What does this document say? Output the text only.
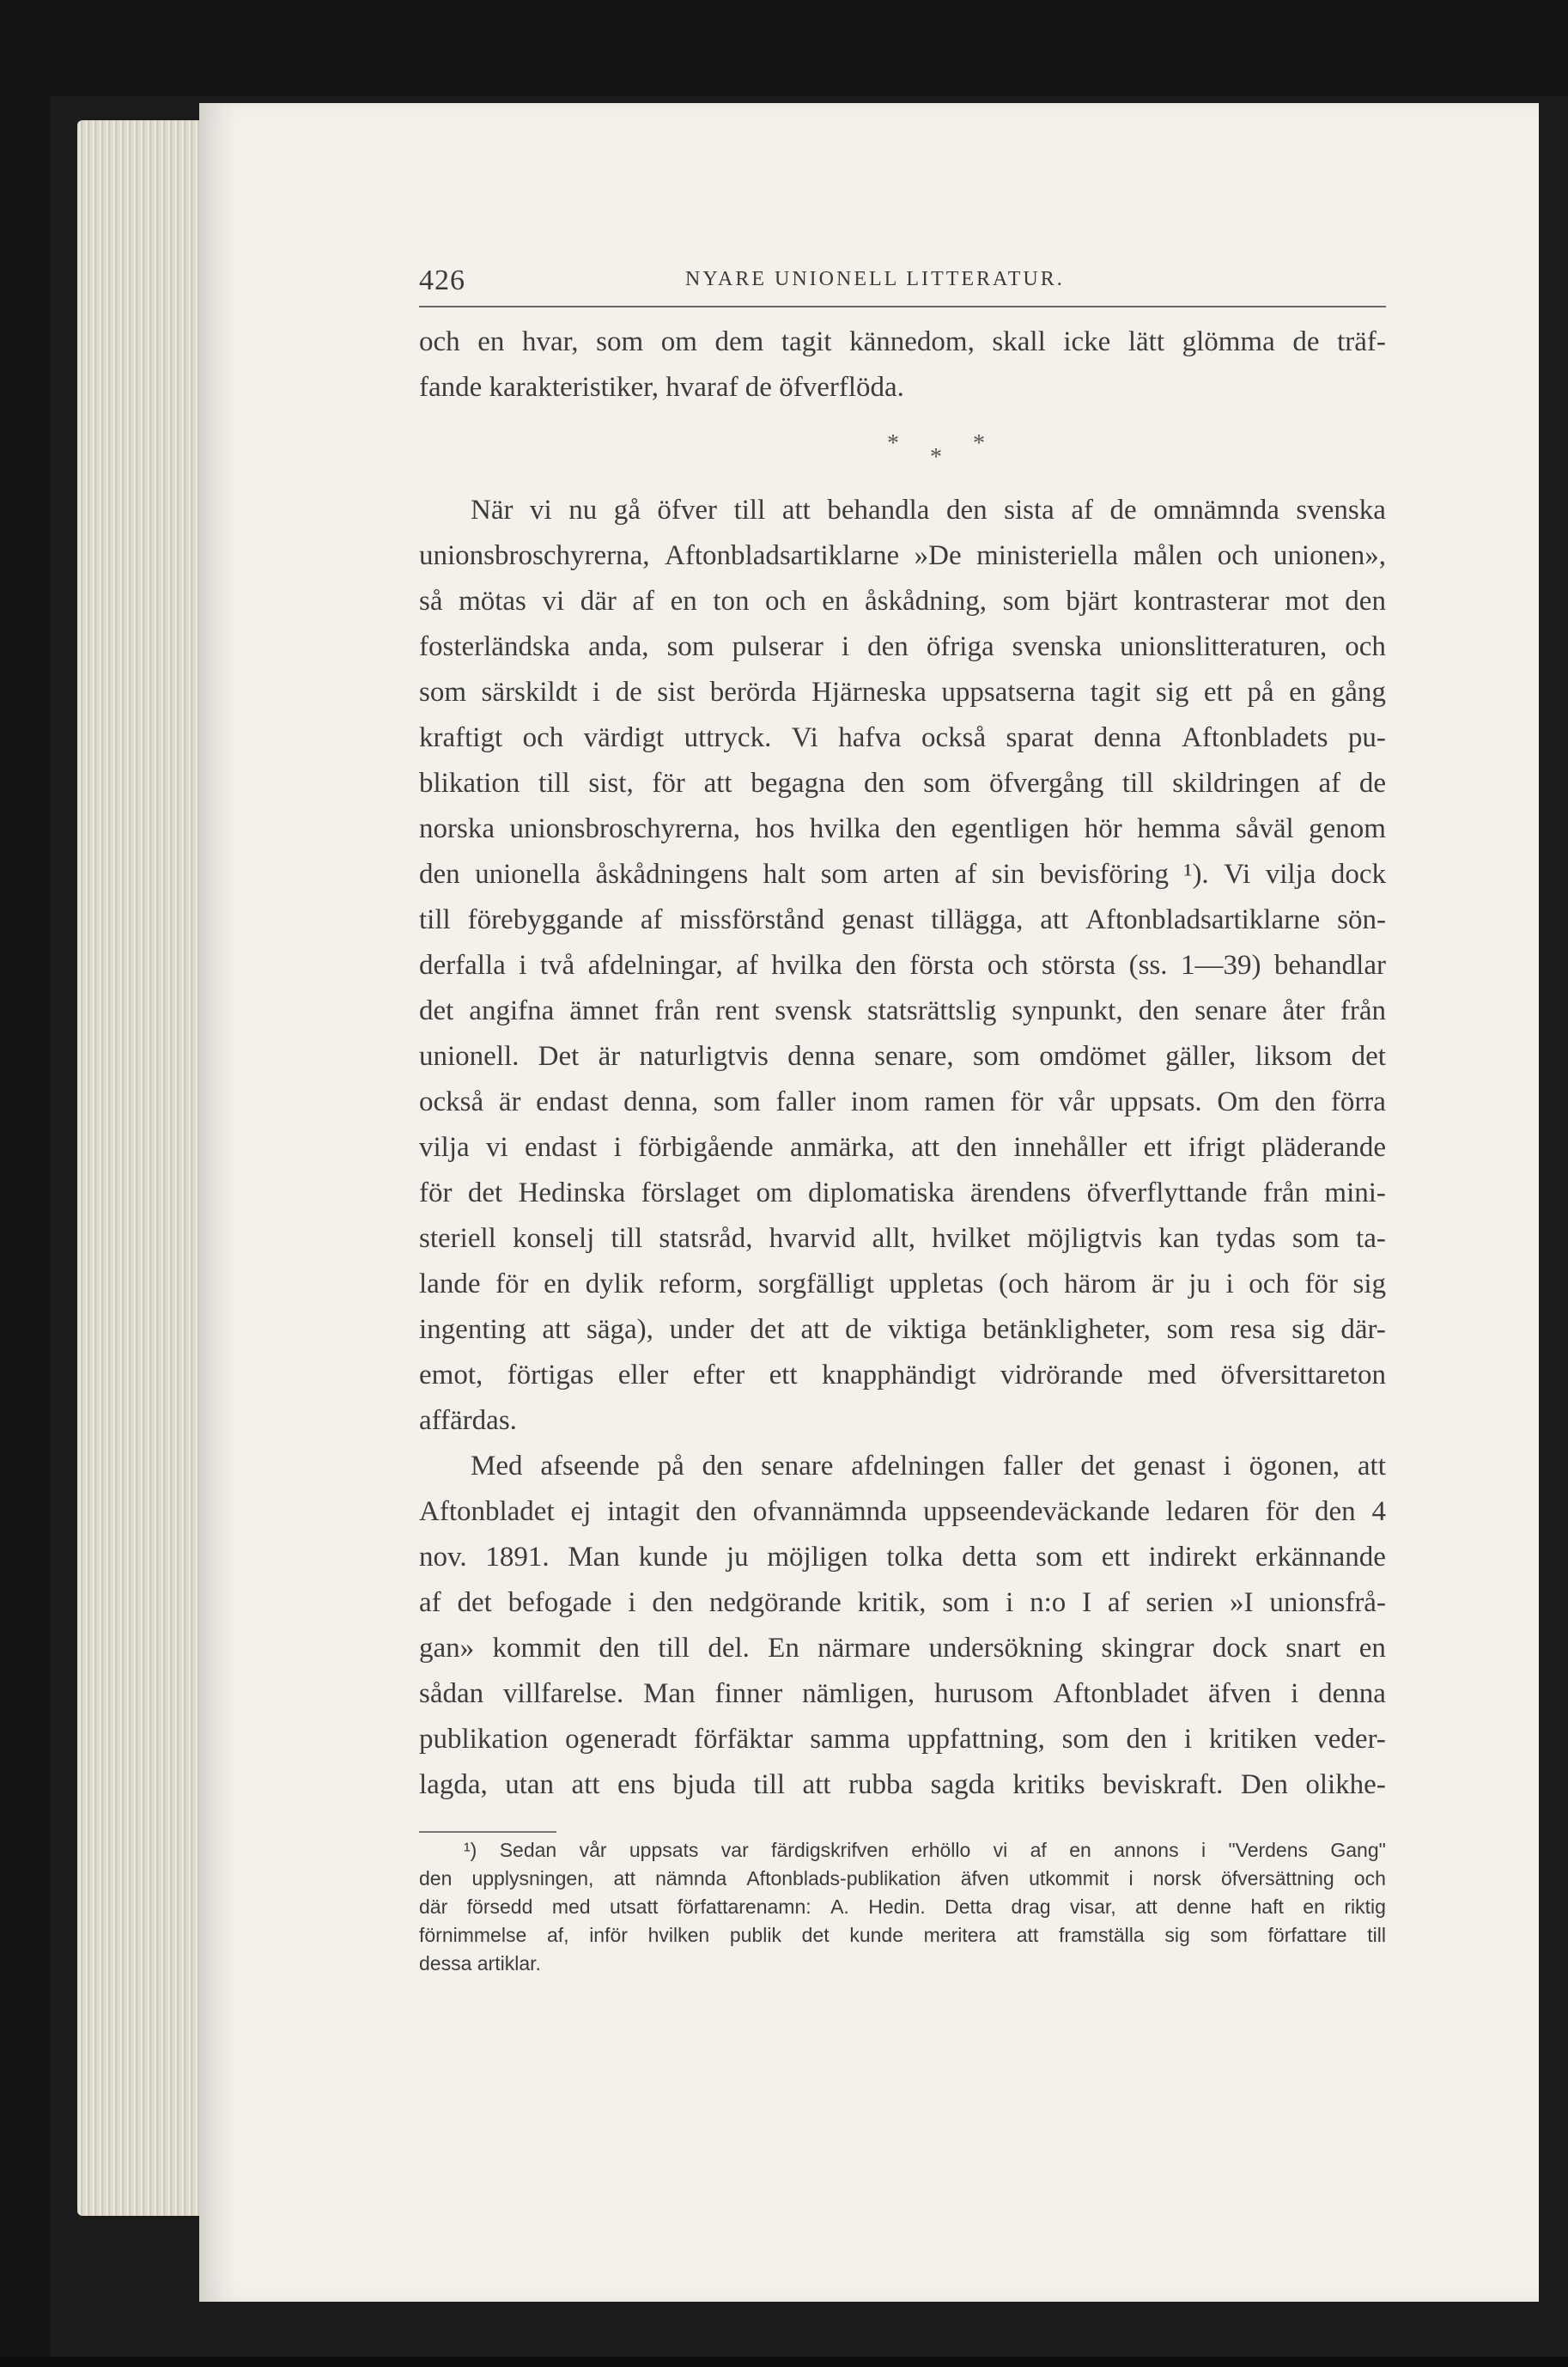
426	NYARE UNIONELL LITTERATUR.
och en hvar, som om dem tagit kännedom, skall icke lätt glömma de träf-
fande karakteristiker, hvaraf de öfverflöda.
*
*
*
När vi nu gå öfver till att behandla den sista af de omnämnda svenska
unionsbroschyrerna, Aftonbladsartiklarne »De ministeriella målen och unionen»,
så mötas vi där af en ton och en åskådning, som bjärt kontrasterar mot den
fosterländska anda, som pulserar i den öfriga svenska unionslitteraturen, och
som särskildt i de sist berörda Hjärneska uppsatserna tagit sig ett på en gång
kraftigt och värdigt uttryck. Vi hafva också sparat denna Aftonbladets pu-
blikation till sist, för att begagna den som öfvergång till skildringen af de
norska unionsbroschyrerna, hos hvilka den egentligen hör hemma såväl genom
den unionella åskådningens halt som arten af sin bevisföring ¹). Vi vilja dock
till förebyggande af missförstånd genast tillägga, att Aftonbladsartiklarne sön-
derfalla i två afdelningar, af hvilka den första och största (ss. 1—39) behandlar
det angifna ämnet från rent svensk statsrättslig synpunkt, den senare åter från
unionell. Det är naturligtvis denna senare, som omdömet gäller, liksom det
också är endast denna, som faller inom ramen för vår uppsats. Om den förra
vilja vi endast i förbigående anmärka, att den innehåller ett ifrigt pläderande
för det Hedinska förslaget om diplomatiska ärendens öfverflyttande från mini-
steriell konselj till statsråd, hvarvid allt, hvilket möjligtvis kan tydas som ta-
lande för en dylik reform, sorgfälligt uppletas (och härom är ju i och för sig
ingenting att säga), under det att de viktiga betänkligheter, som resa sig där-
emot, förtigas eller efter ett knapphändigt vidrörande med öfversittareton
affärdas.
Med afseende på den senare afdelningen faller det genast i ögonen, att
Aftonbladet ej intagit den ofvannämnda uppseendeväckande ledaren för den 4
nov. 1891. Man kunde ju möjligen tolka detta som ett indirekt erkännande
af det befogade i den nedgörande kritik, som i n:o I af serien »I unionsfrå-
gan» kommit den till del. En närmare undersökning skingrar dock snart en
sådan villfarelse. Man finner nämligen, hurusom Aftonbladet äfven i denna
publikation ogeneradt förfäktar samma uppfattning, som den i kritiken veder-
lagda, utan att ens bjuda till att rubba sagda kritiks beviskraft. Den olikhe-
¹) Sedan vår uppsats var färdigskrifven erhöllo vi af en annons i "Verdens Gang"
den upplysningen, att nämnda Aftonblads-publikation äfven utkommit i norsk öfversättning och
där försedd med utsatt författarenamn: A. Hedin. Detta drag visar, att denne haft en riktig
förnimmelse af, inför hvilken publik det kunde meritera att framställa sig som författare till
dessa artiklar.
